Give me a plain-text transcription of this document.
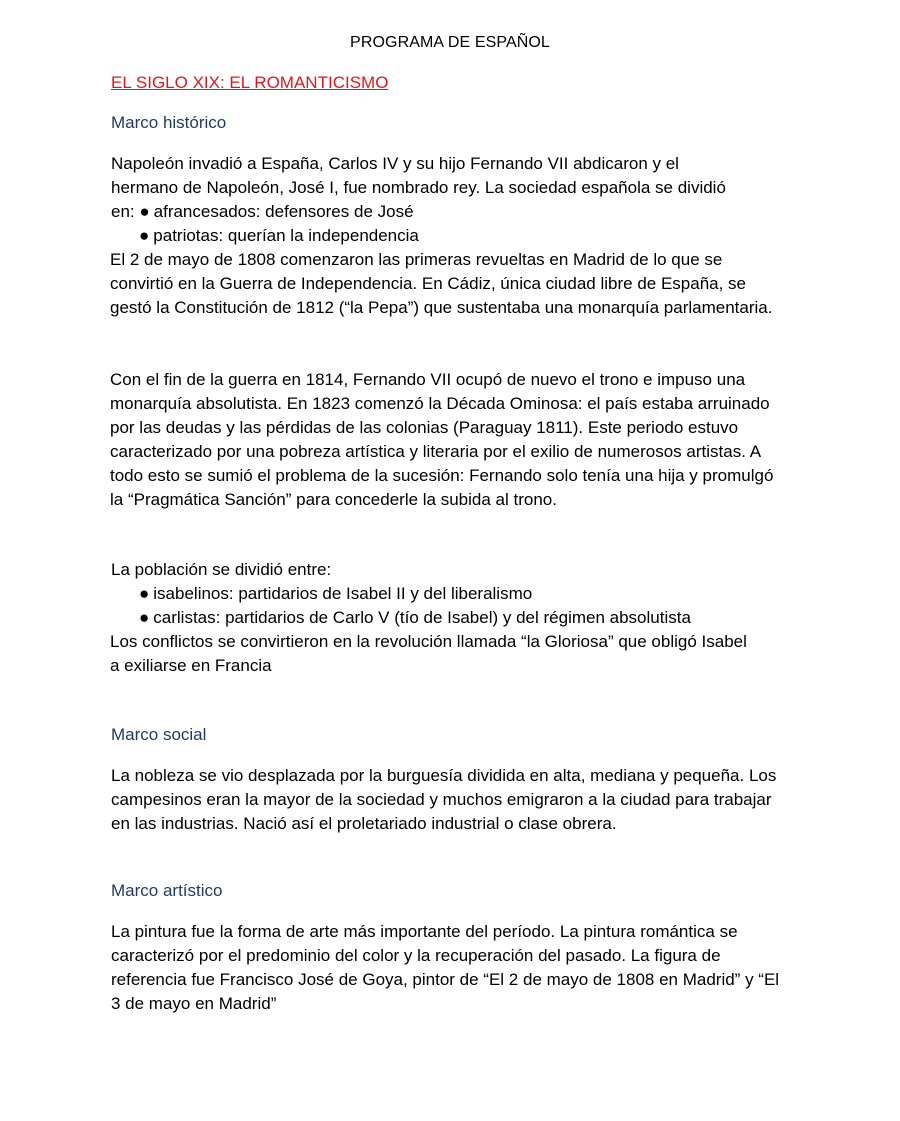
PROGRAMA DE ESPAÑOL
EL SIGLO XIX: EL ROMANTICISMO
Marco histórico

Napoleón invadió a España, Carlos IV y su hijo Fernando VII abdicaron y el

hermano de Napoleón, José I, fue nombrado rey. La sociedad española se dividió

en: ● afrancesados: defensores de José

● patriotas: querían la independencia

El 2 de mayo de 1808 comenzaron las primeras revueltas en Madrid de lo que se convirtió en la Guerra de Independencia. En Cádiz, única ciudad libre de España, se gestó la Constitución de 1812 (“la Pepa”) que sustentaba una monarquía parlamentaria.

Con el fin de la guerra en 1814, Fernando VII ocupó de nuevo el trono e impuso una monarquía absolutista. En 1823 comenzó la Década Ominosa: el país estaba arruinado por las deudas y las pérdidas de las colonias (Paraguay 1811). Este periodo estuvo caracterizado por una pobreza artística y literaria por el exilio de numerosos artistas. A todo esto se sumió el problema de la sucesión: Fernando solo tenía una hija y promulgó la “Pragmática Sanción” para concederle la subida al trono.

La población se dividió entre:

● isabelinos: partidarios de Isabel II y del liberalismo

● carlistas: partidarios de Carlo V (tío de Isabel) y del régimen absolutista

Los conflictos se convirtieron en la revolución llamada “la Gloriosa” que obligó Isabel a exiliarse en Francia

Marco social

La nobleza se vio desplazada por la burguesía dividida en alta, mediana y pequeña. Los campesinos eran la mayor de la sociedad y muchos emigraron a la ciudad para trabajar en las industrias. Nació así el proletariado industrial o clase obrera.

Marco artístico

La pintura fue la forma de arte más importante del período. La pintura romántica se caracterizó por el predominio del color y la recuperación del pasado. La figura de referencia fue Francisco José de Goya, pintor de “El 2 de mayo de 1808 en Madrid” y “El 3 de mayo en Madrid”
